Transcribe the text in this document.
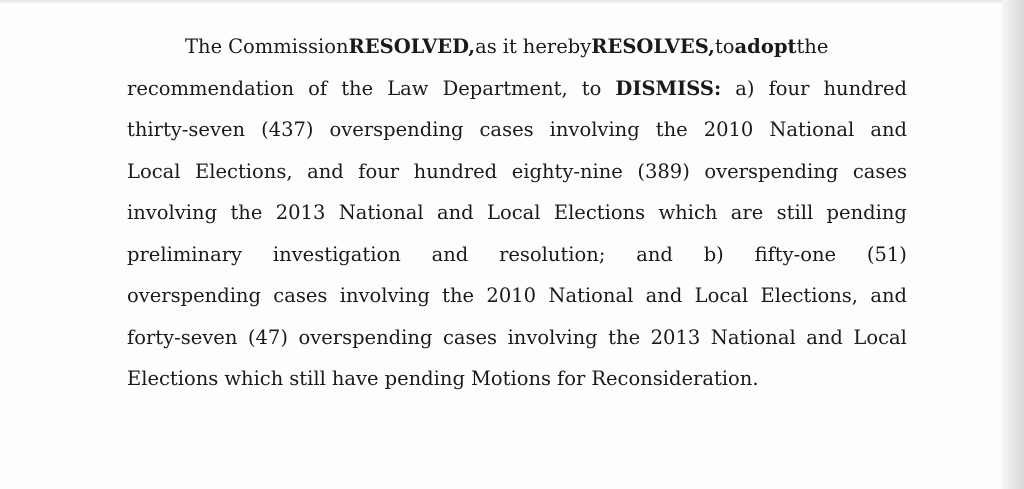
The Commission RESOLVED, as it hereby RESOLVES, to adopt the
recommendation of the Law Department, to DISMISS: a) four hundred
thirty-seven (437) overspending cases involving the 2010 National and
Local Elections, and four hundred eighty-nine (389) overspending cases
involving the 2013 National and Local Elections which are still pending
preliminary investigation and resolution; and b) fifty-one (51)
overspending cases involving the 2010 National and Local Elections, and
forty-seven (47) overspending cases involving the 2013 National and Local
Elections which still have pending Motions for Reconsideration.
